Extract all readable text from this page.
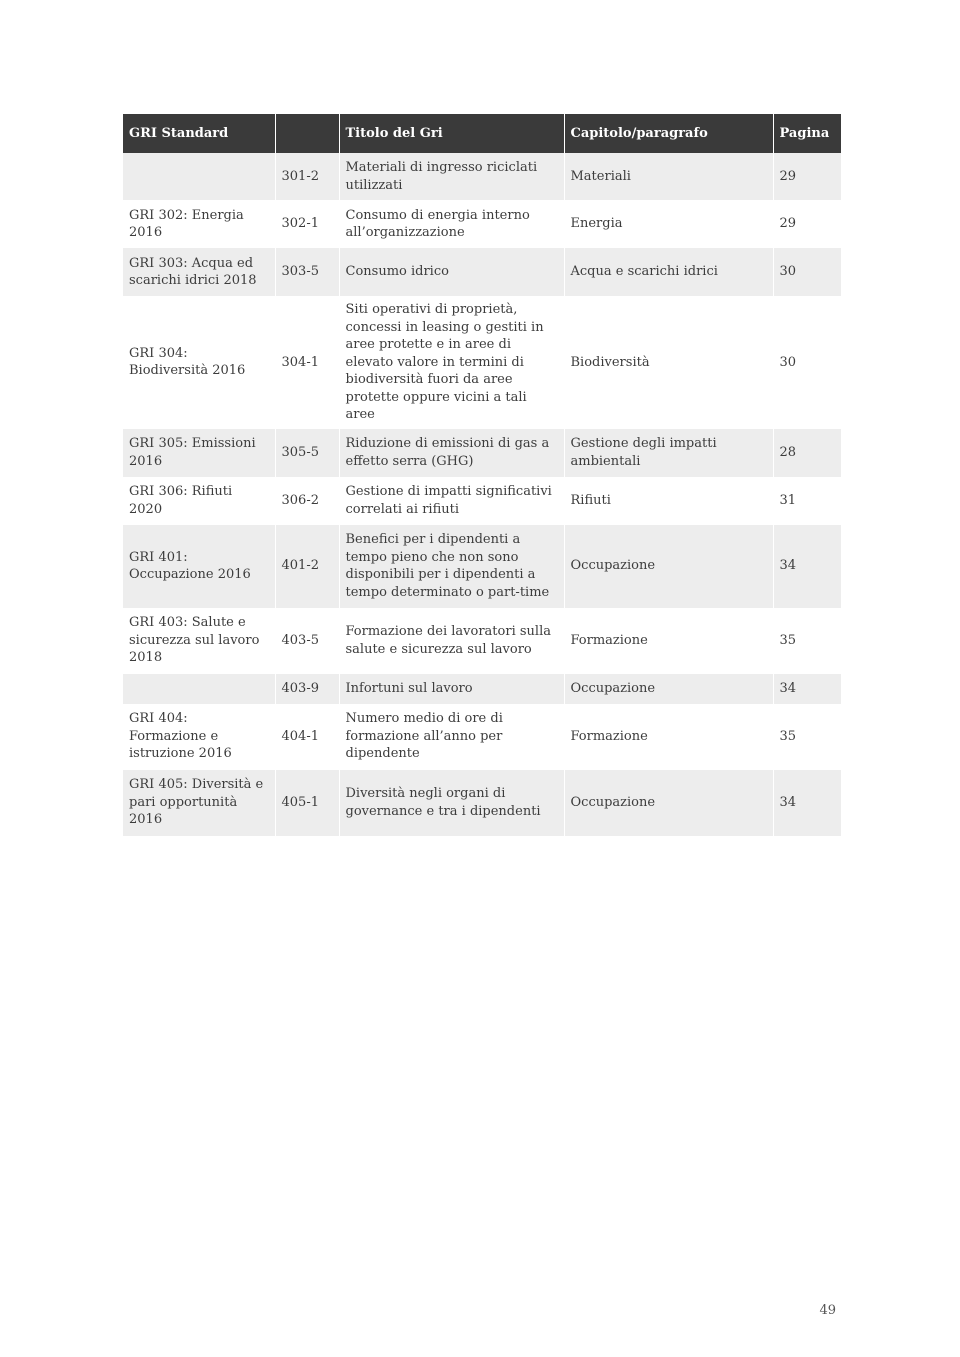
GRI Standard		Titolo del Gri	Capitolo/paragrafo	Pagina
	301-2	Materiali di ingresso riciclati utilizzati	Materiali	29
GRI 302: Energia 2016	302-1	Consumo di energia interno all’organizzazione	Energia	29
GRI 303: Acqua ed scarichi idrici 2018	303-5	Consumo idrico	Acqua e scarichi idrici	30
GRI 304: Biodiversità 2016	304-1	Siti operativi di proprietà, concessi in leasing o gestiti in aree protette e in aree di elevato valore in termini di biodiversità fuori da aree protette oppure vicini a tali aree	Biodiversità	30
GRI 305: Emissioni 2016	305-5	Riduzione di emissioni di gas a effetto serra (GHG)	Gestione degli impatti ambientali	28
GRI 306: Rifiuti 2020	306-2	Gestione di impatti significativi correlati ai rifiuti	Rifiuti	31
GRI 401: Occupazione 2016	401-2	Benefici per i dipendenti a tempo pieno che non sono disponibili per i dipendenti a tempo determinato o part-time	Occupazione	34
GRI 403: Salute e sicurezza sul lavoro 2018	403-5	Formazione dei lavoratori sulla salute e sicurezza sul lavoro	Formazione	35
	403-9	Infortuni sul lavoro	Occupazione	34
GRI 404: Formazione e istruzione 2016	404-1	Numero medio di ore di formazione all’anno per dipendente	Formazione	35
GRI 405: Diversità e pari opportunità 2016	405-1	Diversità negli organi di governance e tra i dipendenti	Occupazione	34
49
